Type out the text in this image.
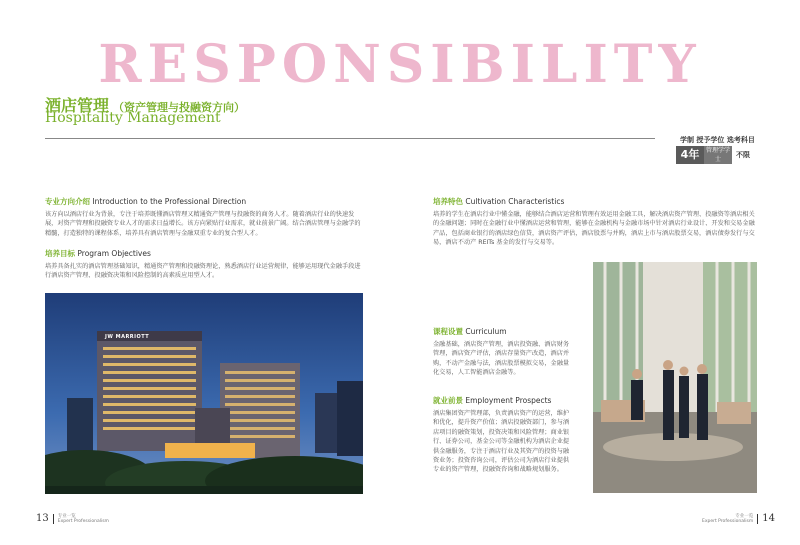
RESPONSIBILITY
酒店管理 （资产管理与投融资方向）
Hospitality Management
学制 授予学位 选考科目
4年	管理学学士
不限
专业方向介绍 Introduction to the Professional Direction
该方向以酒店行业为背景，专注于培养既懂酒店管理又精通资产管理与投融资的商务人才。随着酒店行业的快速发展，对资产管理和投融资专业人才的需求日益增长。该方向紧贴行业需求，就业前景广阔。结合酒店管理与金融学的精髓，打造独特的课程体系，培养具有酒店管理与金融双重专业的复合型人才。
培养目标 Program Objectives
培养具备扎实的酒店管理基础知识，精通资产管理和投融资理论，熟悉酒店行业运营规律，能够运用现代金融手段进行酒店资产管理、投融资决策和风险控制的高素质应用型人才。
JW MARRIOTT
培养特色 Cultivation Characteristics
培养的学生在酒店行业中懂金融，能够结合酒店运营和管理有效运用金融工具，解决酒店资产管理、投融资等酒店相关的金融问题；同时在金融行业中懂酒店运营和管理，能够在金融机构与金融市场中针对酒店行业设计、开发和交易金融产品，包括商业银行的酒店绿色信贷，酒店资产评估，酒店股票与并购，酒店上市与酒店股票交易，酒店债券发行与交易，酒店不动产 REITs 基金的发行与交易等。
课程设置 Curriculum
金融基础，酒店资产管理，酒店投资融、酒店财务管理，酒店资产评估，酒店存量资产改造，酒店并购，不动产金融与法，酒店股票模拟交易，金融量化交易，人工智能酒店金融等。
就业前景 Employment Prospects
酒店集团资产管理部，负责酒店资产的运营，维护和优化，提升资产价值；酒店投融资部门，参与酒店项目的融资策划，投资决策和风险管理；商业银行、证券公司，基金公司等金融机构为酒店企业提供金融服务，专注于酒店行业及其资产的投资与融资业务；投资咨询公司，评估公司为酒店行业提供专业的资产管理，投融资咨询和战略规划服务。
13 专业一览
Expert Professionalism
专业一览
Expert Professionalism 14
